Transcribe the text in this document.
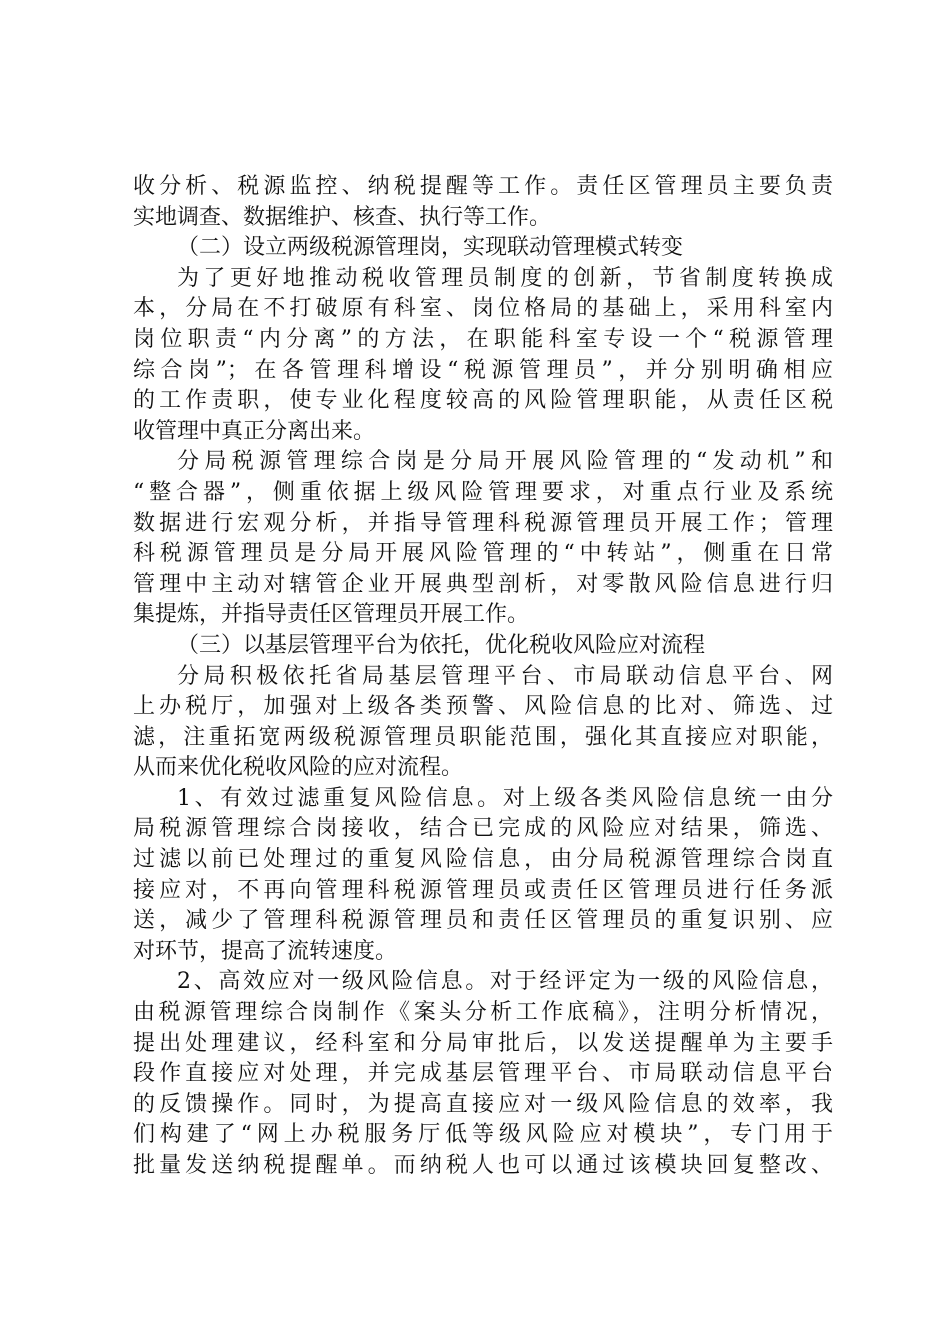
收分析、税源监控、纳税提醒等工作。责任区管理员主要负责
实地调查、数据维护、核查、执行等工作。
（二）设立两级税源管理岗，实现联动管理模式转变
为了更好地推动税收管理员制度的创新，节省制度转换成
本，分局在不打破原有科室、岗位格局的基础上，采用科室内
岗位职责“内分离”的方法，在职能科室专设一个“税源管理
综合岗”；在各管理科增设“税源管理员”，并分别明确相应
的工作责职，使专业化程度较高的风险管理职能，从责任区税
收管理中真正分离出来。
分局税源管理综合岗是分局开展风险管理的“发动机”和
“整合器”，侧重依据上级风险管理要求，对重点行业及系统
数据进行宏观分析，并指导管理科税源管理员开展工作；管理
科税源管理员是分局开展风险管理的“中转站”，侧重在日常
管理中主动对辖管企业开展典型剖析，对零散风险信息进行归
集提炼，并指导责任区管理员开展工作。
（三）以基层管理平台为依托，优化税收风险应对流程
分局积极依托省局基层管理平台、市局联动信息平台、网
上办税厅，加强对上级各类预警、风险信息的比对、筛选、过
滤，注重拓宽两级税源管理员职能范围，强化其直接应对职能，
从而来优化税收风险的应对流程。
1、有效过滤重复风险信息。对上级各类风险信息统一由分
局税源管理综合岗接收，结合已完成的风险应对结果，筛选、
过滤以前已处理过的重复风险信息，由分局税源管理综合岗直
接应对，不再向管理科税源管理员或责任区管理员进行任务派
送，减少了管理科税源管理员和责任区管理员的重复识别、应
对环节，提高了流转速度。
2、高效应对一级风险信息。对于经评定为一级的风险信息，
由税源管理综合岗制作《案头分析工作底稿》，注明分析情况，
提出处理建议，经科室和分局审批后，以发送提醒单为主要手
段作直接应对处理，并完成基层管理平台、市局联动信息平台
的反馈操作。同时，为提高直接应对一级风险信息的效率，我
们构建了“网上办税服务厅低等级风险应对模块”，专门用于
批量发送纳税提醒单。而纳税人也可以通过该模块回复整改、
